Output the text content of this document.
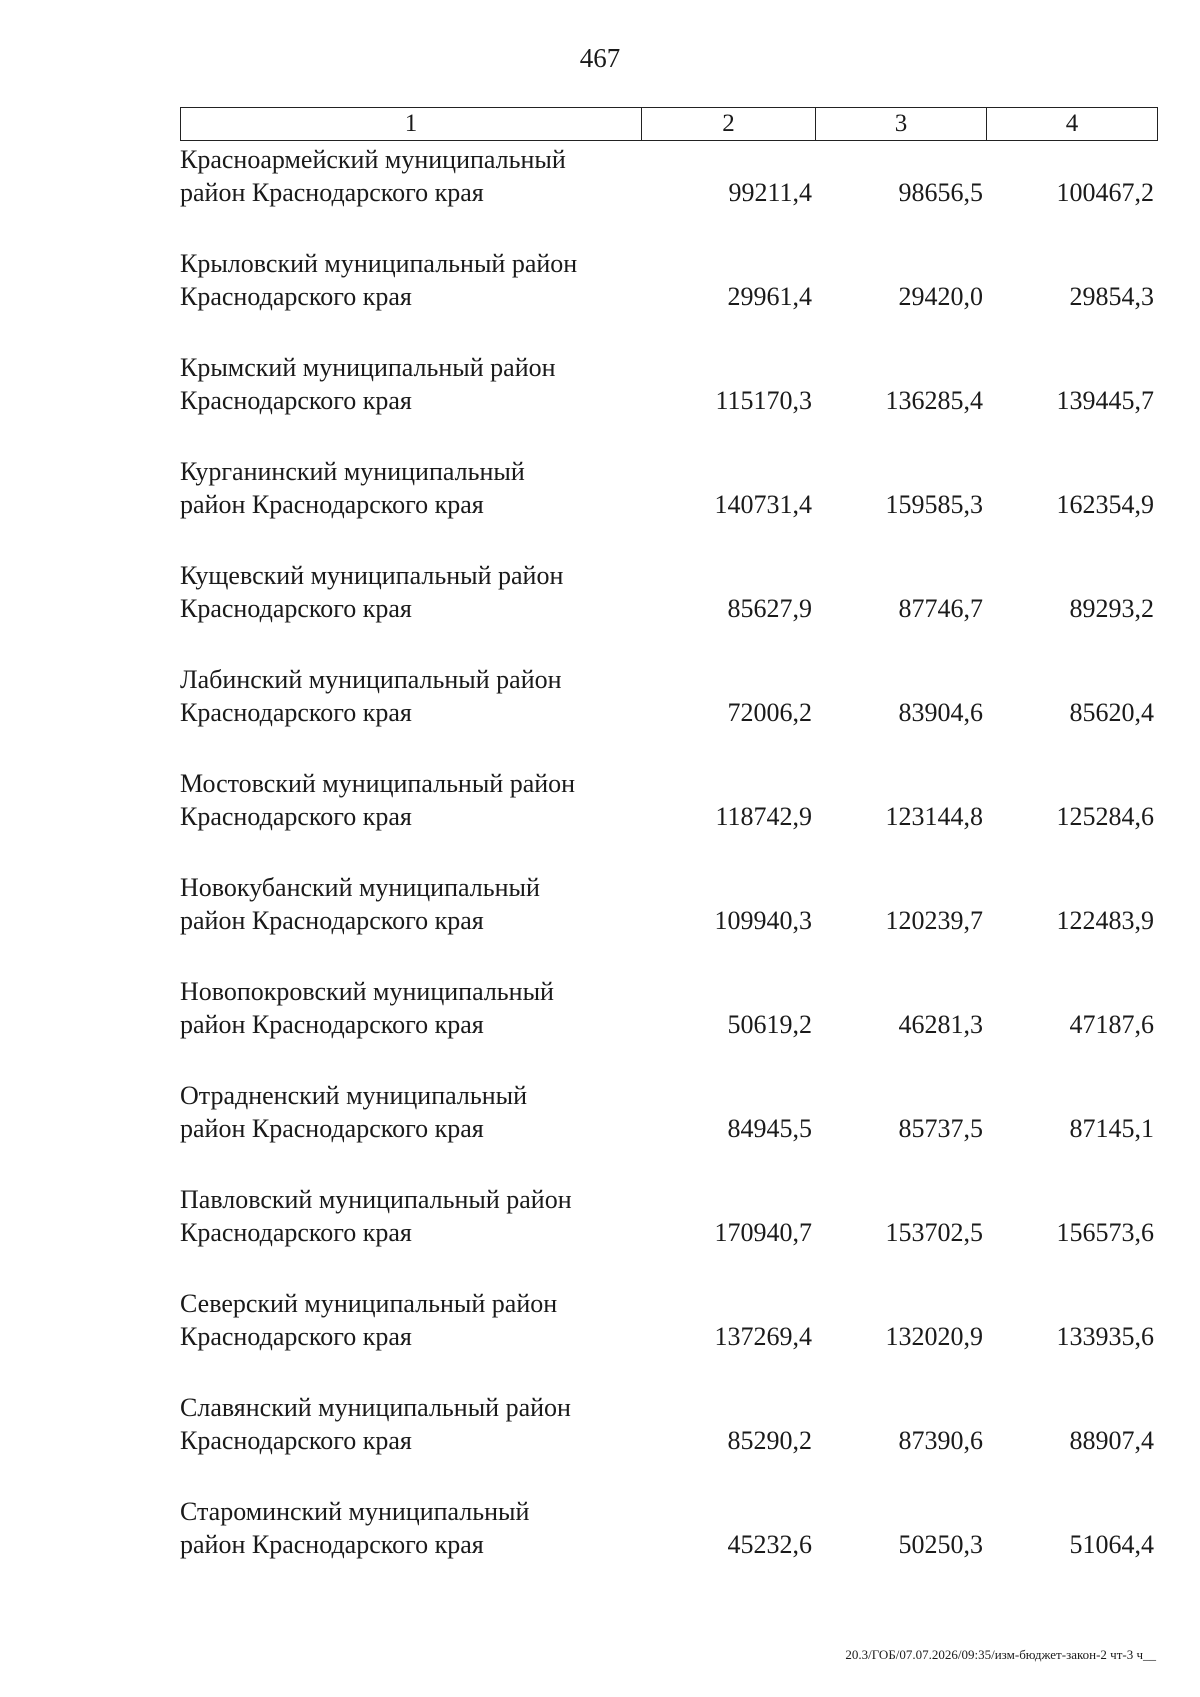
467
1	2	3	4
Красноармейский муниципальный
район Краснодарского края	99211,4	98656,5	100467,2
Крыловский муниципальный район
Краснодарского края	29961,4	29420,0	29854,3
Крымский муниципальный район
Краснодарского края	115170,3	136285,4	139445,7
Курганинский муниципальный
район Краснодарского края	140731,4	159585,3	162354,9
Кущевский муниципальный район
Краснодарского края	85627,9	87746,7	89293,2
Лабинский муниципальный район
Краснодарского края	72006,2	83904,6	85620,4
Мостовский муниципальный район
Краснодарского края	118742,9	123144,8	125284,6
Новокубанский муниципальный
район Краснодарского края	109940,3	120239,7	122483,9
Новопокровский муниципальный
район Краснодарского края	50619,2	46281,3	47187,6
Отрадненский муниципальный
район Краснодарского края	84945,5	85737,5	87145,1
Павловский муниципальный район
Краснодарского края	170940,7	153702,5	156573,6
Северский муниципальный район
Краснодарского края	137269,4	132020,9	133935,6
Славянский муниципальный район
Краснодарского края	85290,2	87390,6	88907,4
Староминский муниципальный
район Краснодарского края	45232,6	50250,3	51064,4
20.3/ГОБ/07.07.2026/09:35/изм-бюджет-закон-2 чт-3 ч__
